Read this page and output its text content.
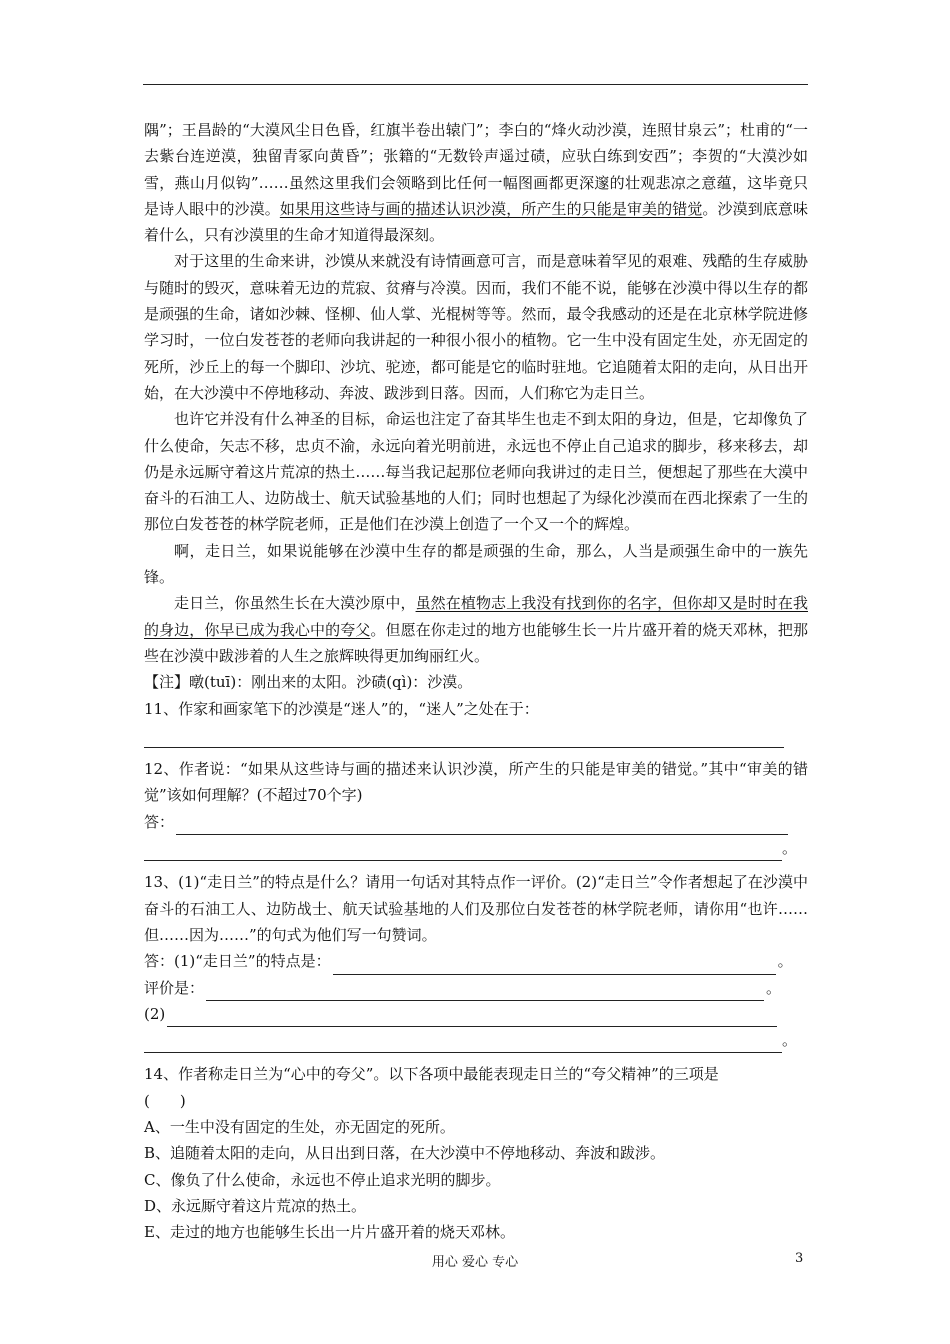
隅”；王昌龄的“大漠风尘日色昏，红旗半卷出辕门”；李白的“烽火动沙漠，连照甘泉云”；杜甫的“一去紫台连逆漠，独留青冢向黄昏”；张籍的“无数铃声遥过碛，应驮白练到安西”；李贺的“大漠沙如雪，燕山月似钩”……虽然这里我们会领略到比任何一幅图画都更深邃的壮观悲凉之意蕴，这毕竟只是诗人眼中的沙漠。如果用这些诗与画的描述认识沙漠，所产生的只能是审美的错觉。沙漠到底意味着什么，只有沙漠里的生命才知道得最深刻。

对于这里的生命来讲，沙馍从来就没有诗情画意可言，而是意味着罕见的艰难、残酷的生存威胁与随时的毁灭，意味着无边的荒寂、贫瘠与冷漠。因而，我们不能不说，能够在沙漠中得以生存的都是顽强的生命，诸如沙棘、怪柳、仙人掌、光棍树等等。然而，最令我感动的还是在北京林学院进修学习时，一位白发苍苍的老师向我讲起的一种很小很小的植物。它一生中没有固定生处，亦无固定的死所，沙丘上的每一个脚印、沙坑、驼迹，都可能是它的临时驻地。它追随着太阳的走向，从日出开始，在大沙漠中不停地移动、奔波、跋涉到日落。因而，人们称它为走日兰。

也许它并没有什么神圣的目标，命运也注定了奋其毕生也走不到太阳的身边，但是，它却像负了什么使命，矢志不移，忠贞不渝，永远向着光明前进，永远也不停止自己追求的脚步，移来移去，却仍是永远厮守着这片荒凉的热土……每当我记起那位老师向我讲过的走日兰，便想起了那些在大漠中奋斗的石油工人、边防战士、航天试验基地的人们；同时也想起了为绿化沙漠而在西北探索了一生的那位白发苍苍的林学院老师，正是他们在沙漠上创造了一个又一个的辉煌。

啊，走日兰，如果说能够在沙漠中生存的都是顽强的生命，那么，人当是顽强生命中的一族先锋。

走日兰，你虽然生长在大漠沙原中，虽然在植物志上我没有找到你的名字，但你却又是时时在我的身边，你早已成为我心中的夸父。但愿在你走过的地方也能够生长一片片盛开着的烧天邓林，把那些在沙漠中跋涉着的人生之旅辉映得更加绚丽红火。

【注】暾(tuī)：刚出来的太阳。沙碛(qì)：沙漠。

11、作家和画家笔下的沙漠是“迷人”的，“迷人”之处在于：

12、作者说：“如果从这些诗与画的描述来认识沙漠，所产生的只能是审美的错觉。”其中“审美的错觉”该如何理解？(不超过70个字)

答：
。

13、(1)“走日兰”的特点是什么？请用一句话对其特点作一评价。(2)“走日兰”令作者想起了在沙漠中奋斗的石油工人、边防战士、航天试验基地的人们及那位白发苍苍的林学院老师，请你用“也许……但……因为……”的句式为他们写一句赞词。

答：(1)“走日兰”的特点是：	。
评价是：	。
(2)
。

14、作者称走日兰为“心中的夸父”。以下各项中最能表现走日兰的“夸父精神”的三项是

(　　)

A、一生中没有固定的生处，亦无固定的死所。

B、追随着太阳的走向，从日出到日落，在大沙漠中不停地移动、奔波和跋涉。

C、像负了什么使命，永远也不停止追求光明的脚步。

D、永远厮守着这片荒凉的热土。

E、走过的地方也能够生长出一片片盛开着的烧天邓林。

用心 爱心 专心	3
